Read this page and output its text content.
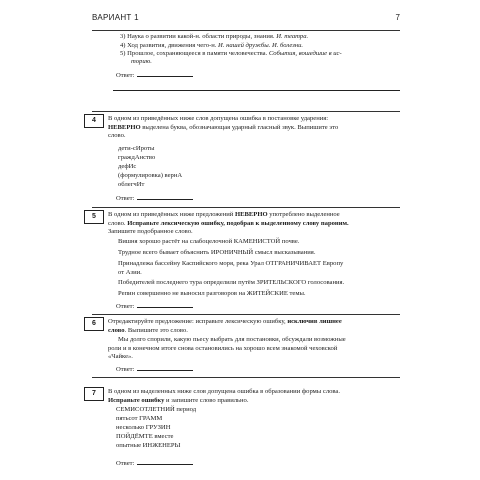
ВАРИАНТ 1	7
3) Наука о развитии какой-н. области природы, знания. И. театра.
4) Ход развития, движения чего-н. И. нашей дружбы. И. болезни.
5) Прошлое, сохраняющееся в памяти человечества. События, вошедшие в ис-
торию.
Ответ:
4	В одном из приведённых ниже слов допущена ошибка в постановке ударения:
НЕВЕРНО выделена буква, обозначающая ударный гласный звук. Выпишите это
слово.
дети-сИроты
граждАнство
дефИс
(формулировка) вернА
облегчИт
Ответ:
5	В одном из приведённых ниже предложений НЕВЕРНО употреблено выделенное
слово. Исправьте лексическую ошибку, подобрав к выделенному слову пароним.
Запишите подобранное слово.
Вишня хорошо растёт на слабоцелочной КАМЕНИСТОЙ почве.
Трудное всего бывает объяснить ИРОНИЧНЫЙ смысл высказывания.
Принадлежа бассейну Каспийского моря, река Урал ОТГРАНИЧИВАЕТ Европу
от Азии.
Победителей последнего тура определили путём ЗРИТЕЛЬСКОГО голосования.
Репин совершенно не выносил разговоров на ЖИТЕЙСКИЕ темы.
Ответ:
6	Отредактируйте предложение: исправьте лексическую ошибку, исключив лишнее
слово. Выпишите это слово.
Мы долго спорили, какую пьесу выбрать для постановки, обсуждали возможные
роли и в конечном итоге снова остановились на хорошо всем знакомой чеховской
«Чайке».
Ответ:
7	В одном из выделенных ниже слов допущена ошибка в образовании формы слова.
Исправьте ошибку и запишите слово правильно.
СЕМИСОТЛЕТНИЙ период
пятьсот ГРАММ
несколько ГРУЗИН
ПОЙДЁМТЕ вместе
опытные ИНЖЕНЕРЫ
Ответ:
